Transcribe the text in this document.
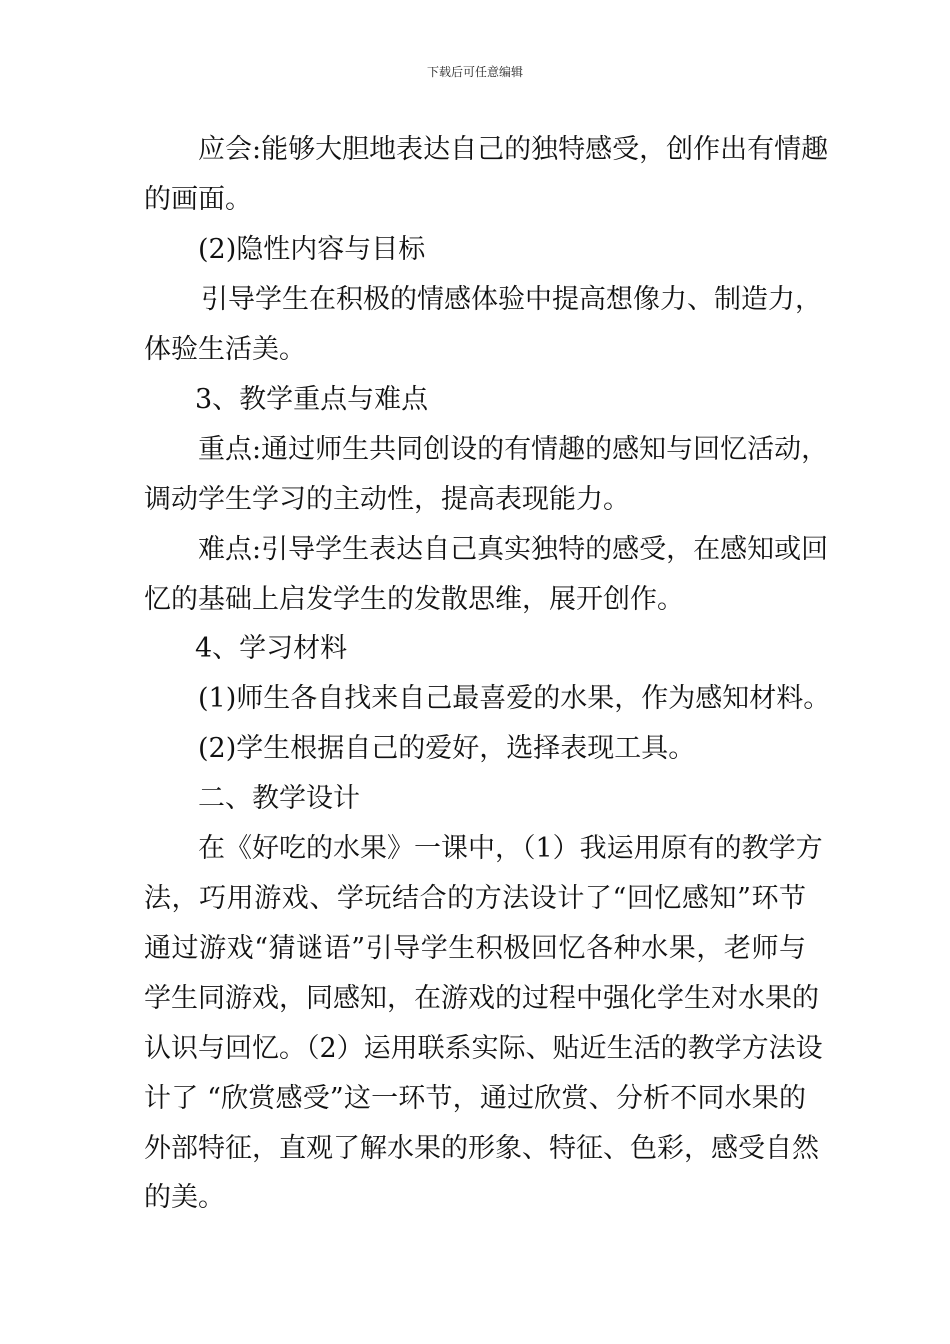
下载后可任意编辑
应会:能够大胆地表达自己的独特感受，创作出有情趣
的画面。
(2)隐性内容与目标
引导学生在积极的情感体验中提高想像力、制造力，
体验生活美。
3、教学重点与难点
重点:通过师生共同创设的有情趣的感知与回忆活动，
调动学生学习的主动性，提高表现能力。
难点:引导学生表达自己真实独特的感受，在感知或回
忆的基础上启发学生的发散思维，展开创作。
4、学习材料
(1)师生各自找来自己最喜爱的水果，作为感知材料。
(2)学生根据自己的爱好，选择表现工具。
二、教学设计
在《好吃的水果》一课中，（1）我运用原有的教学方
法，巧用游戏、学玩结合的方法设计了“回忆感知”环节
通过游戏“猜谜语”引导学生积极回忆各种水果，老师与
学生同游戏，同感知，在游戏的过程中强化学生对水果的
认识与回忆。（2）运用联系实际、贴近生活的教学方法设
计了 “欣赏感受”这一环节，通过欣赏、分析不同水果的
外部特征，直观了解水果的形象、特征、色彩，感受自然
的美。
